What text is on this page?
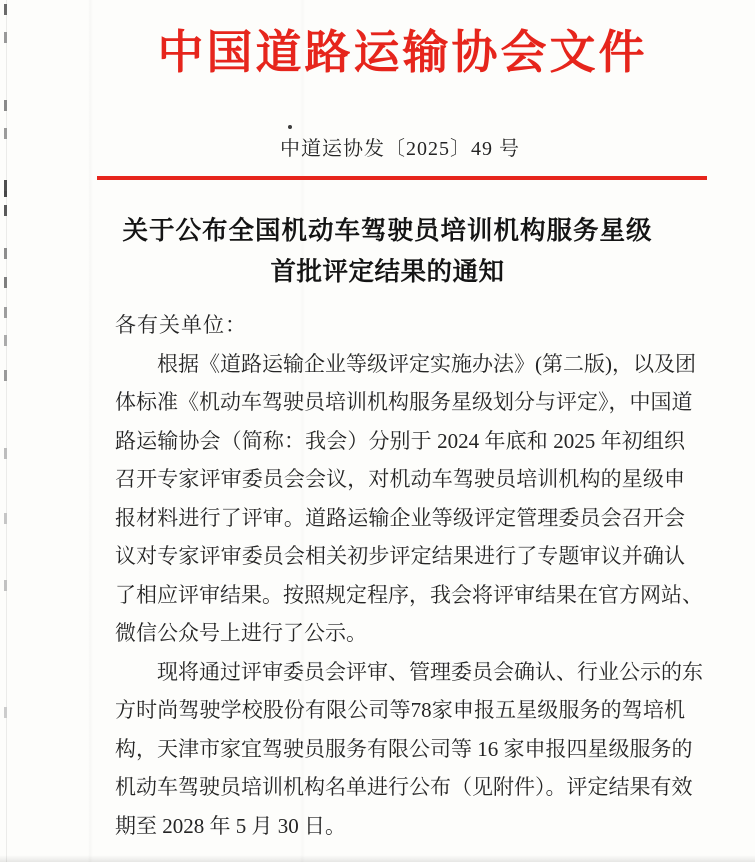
中国道路运输协会文件
中道运协发〔2025〕49 号
关于公布全国机动车驾驶员培训机构服务星级
首批评定结果的通知
各有关单位：
根据《道路运输企业等级评定实施办法》(第二版)，以及团
体标准《机动车驾驶员培训机构服务星级划分与评定》，中国道
路运输协会（简称：我会）分别于 2024 年底和 2025 年初组织
召开专家评审委员会会议，对机动车驾驶员培训机构的星级申
报材料进行了评审。道路运输企业等级评定管理委员会召开会
议对专家评审委员会相关初步评定结果进行了专题审议并确认
了相应评审结果。按照规定程序，我会将评审结果在官方网站、
微信公众号上进行了公示。
现将通过评审委员会评审、管理委员会确认、行业公示的东
方时尚驾驶学校股份有限公司等78家申报五星级服务的驾培机
构，天津市家宜驾驶员服务有限公司等 16 家申报四星级服务的
机动车驾驶员培训机构名单进行公布（见附件）。评定结果有效
期至 2028 年 5 月 30 日。
